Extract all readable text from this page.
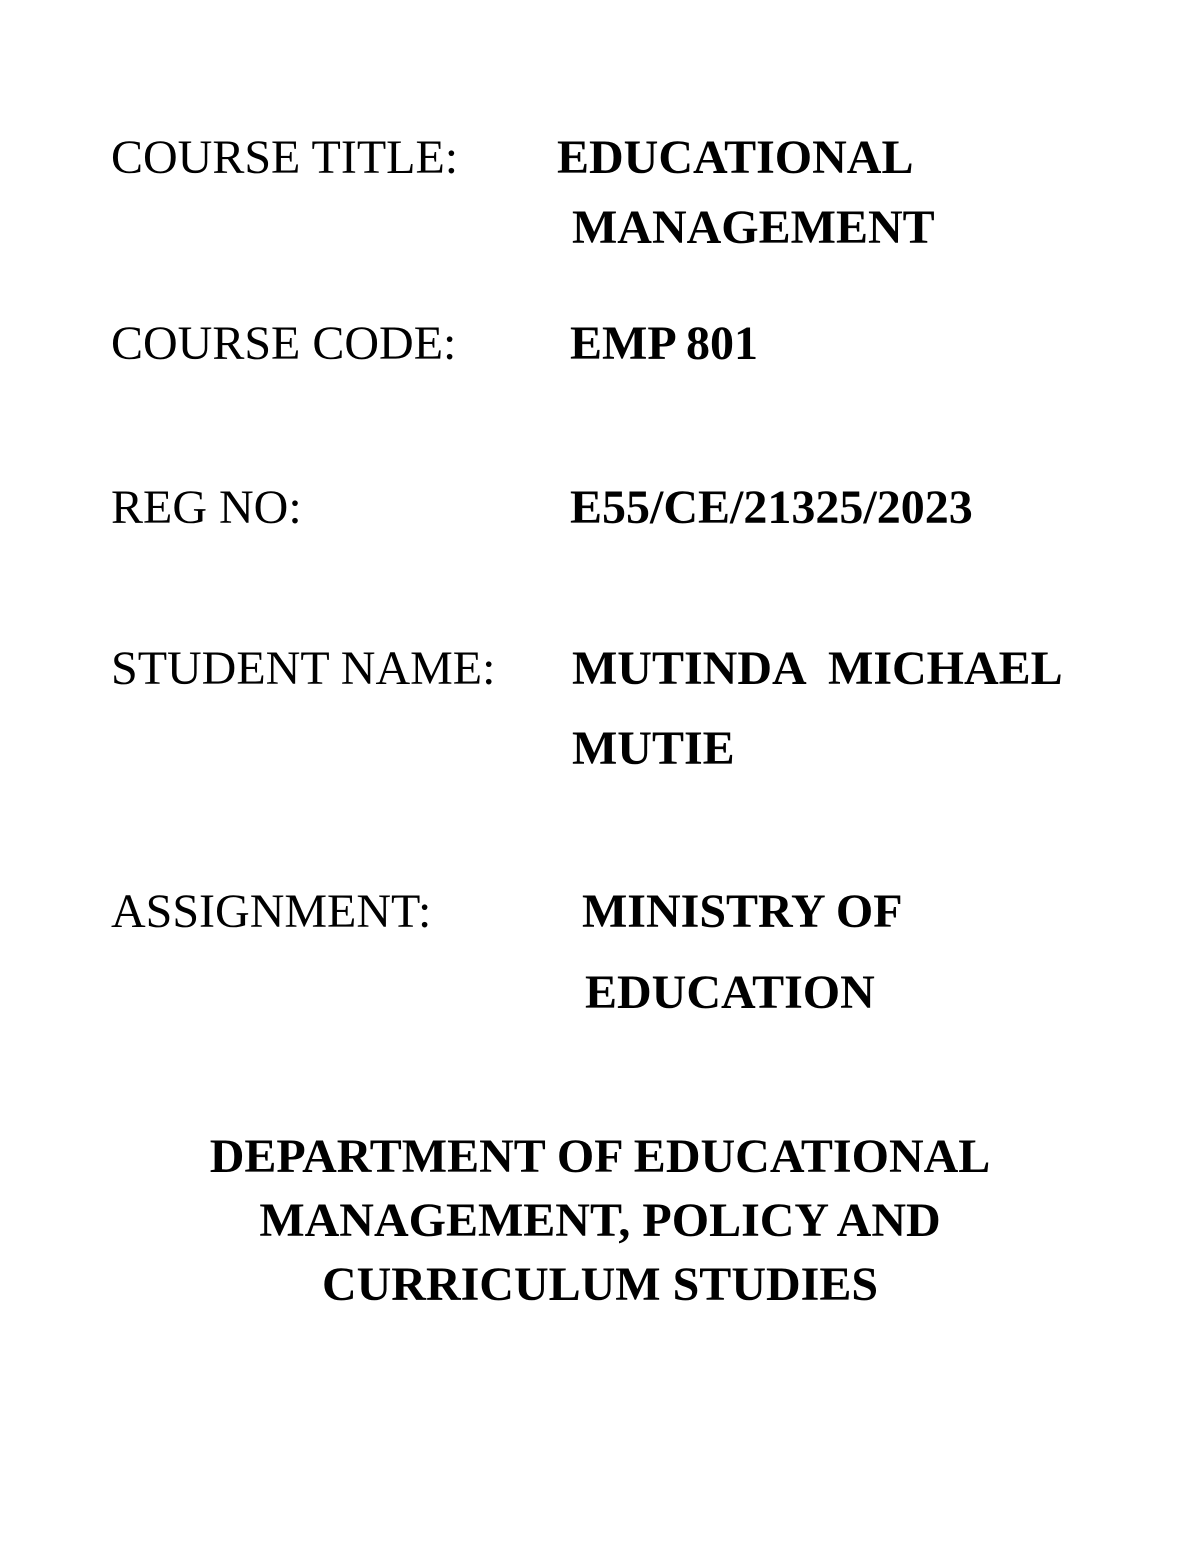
COURSE TITLE: EDUCATIONAL
MANAGEMENT
COURSE CODE: EMP 801
REG NO:	E55/CE/21325/2023
STUDENT NAME: MUTINDA  MICHAEL
MUTIE
ASSIGNMENT:	MINISTRY OF
EDUCATION
DEPARTMENT OF EDUCATIONAL
MANAGEMENT, POLICY AND
CURRICULUM STUDIES
